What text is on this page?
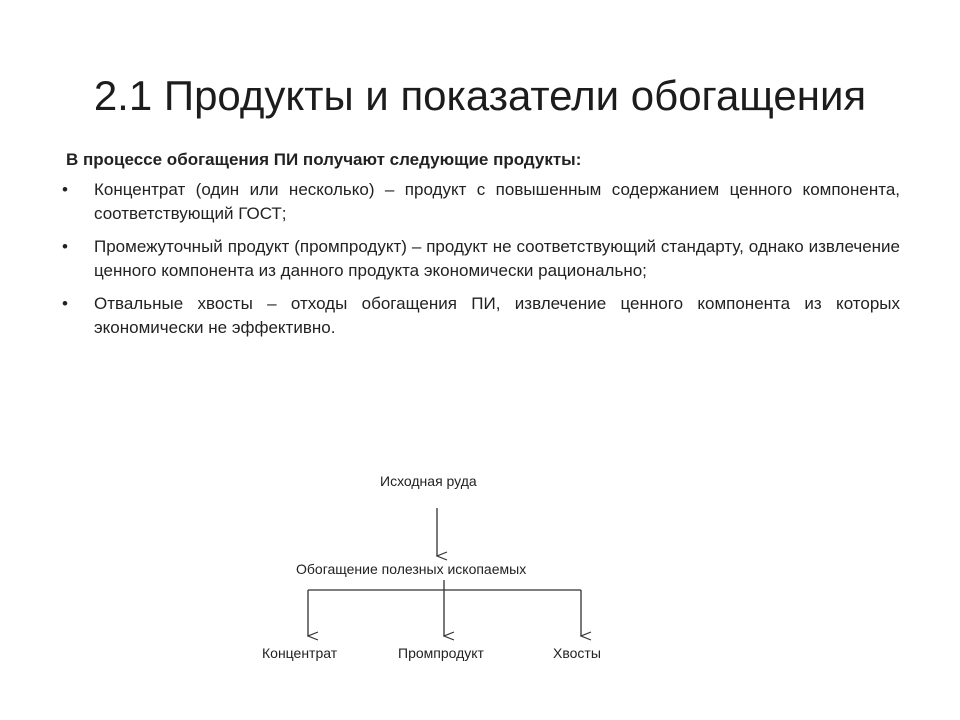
2.1 Продукты и показатели обогащения
В процессе обогащения ПИ получают следующие продукты:
• Концентрат (один или несколько) – продукт с повышенным содержанием ценного компонента, соответствующий ГОСТ;
• Промежуточный продукт (промпродукт) – продукт не соответствующий стандарту, однако извлечение ценного компонента из данного продукта экономически рационально;
• Отвальные хвосты – отходы обогащения ПИ, извлечение ценного компонента из которых экономически не эффективно.
Исходная руда
Обогащение полезных ископаемых
Концентрат	Промпродукт	Хвосты
